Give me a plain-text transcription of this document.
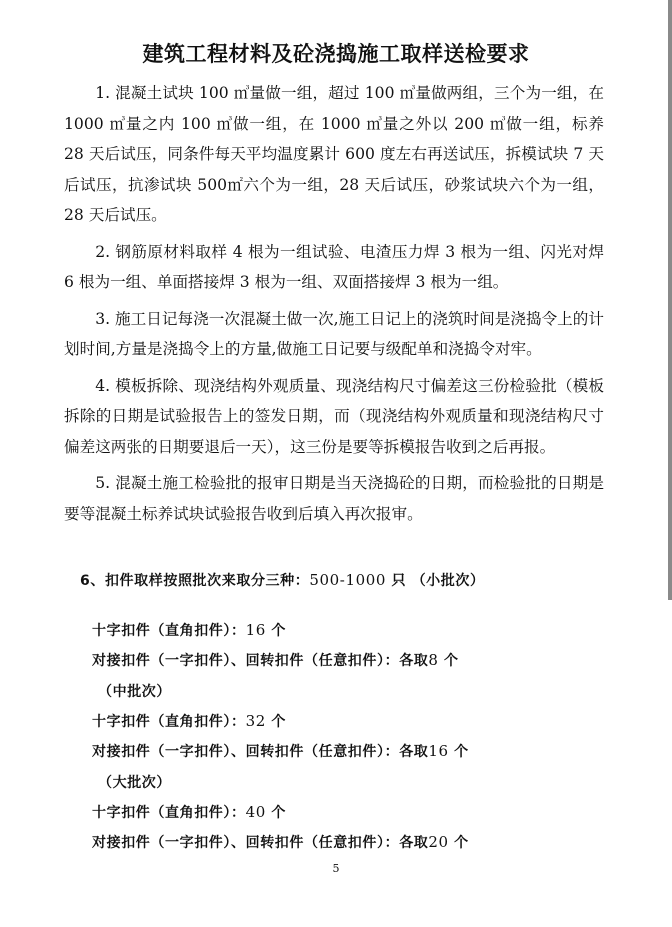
建筑工程材料及砼浇捣施工取样送检要求

1. 混凝土试块 100 ㎥量做一组，超过 100 ㎥量做两组，三个为一组，在 1000 ㎥量之内 100 ㎥做一组，在 1000 ㎥量之外以 200 ㎥做一组，标养 28 天后试压，同条件每天平均温度累计 600 度左右再送试压，拆模试块 7 天后试压，抗渗试块 500㎡六个为一组，28 天后试压，砂浆试块六个为一组，28 天后试压。

2. 钢筋原材料取样 4 根为一组试验、电渣压力焊 3 根为一组、闪光对焊 6 根为一组、单面搭接焊 3 根为一组、双面搭接焊 3 根为一组。

3. 施工日记每浇一次混凝土做一次,施工日记上的浇筑时间是浇捣令上的计划时间,方量是浇捣令上的方量,做施工日记要与级配单和浇捣令对牢。

4. 模板拆除、现浇结构外观质量、现浇结构尺寸偏差这三份检验批（模板拆除的日期是试验报告上的签发日期，而（现浇结构外观质量和现浇结构尺寸偏差这两张的日期要退后一天），这三份是要等拆模报告收到之后再报。

5. 混凝土施工检验批的报审日期是当天浇捣砼的日期，而检验批的日期是要等混凝土标养试块试验报告收到后填入再次报审。

6、扣件取样按照批次来取分三种：500-1000 只 （小批次）
十字扣件（直角扣件）：16 个
对接扣件（一字扣件）、回转扣件（任意扣件）：各取8 个
（中批次）
十字扣件（直角扣件）：32 个
对接扣件（一字扣件）、回转扣件（任意扣件）：各取16 个
（大批次）
十字扣件（直角扣件）：40 个
对接扣件（一字扣件）、回转扣件（任意扣件）：各取20 个
5
